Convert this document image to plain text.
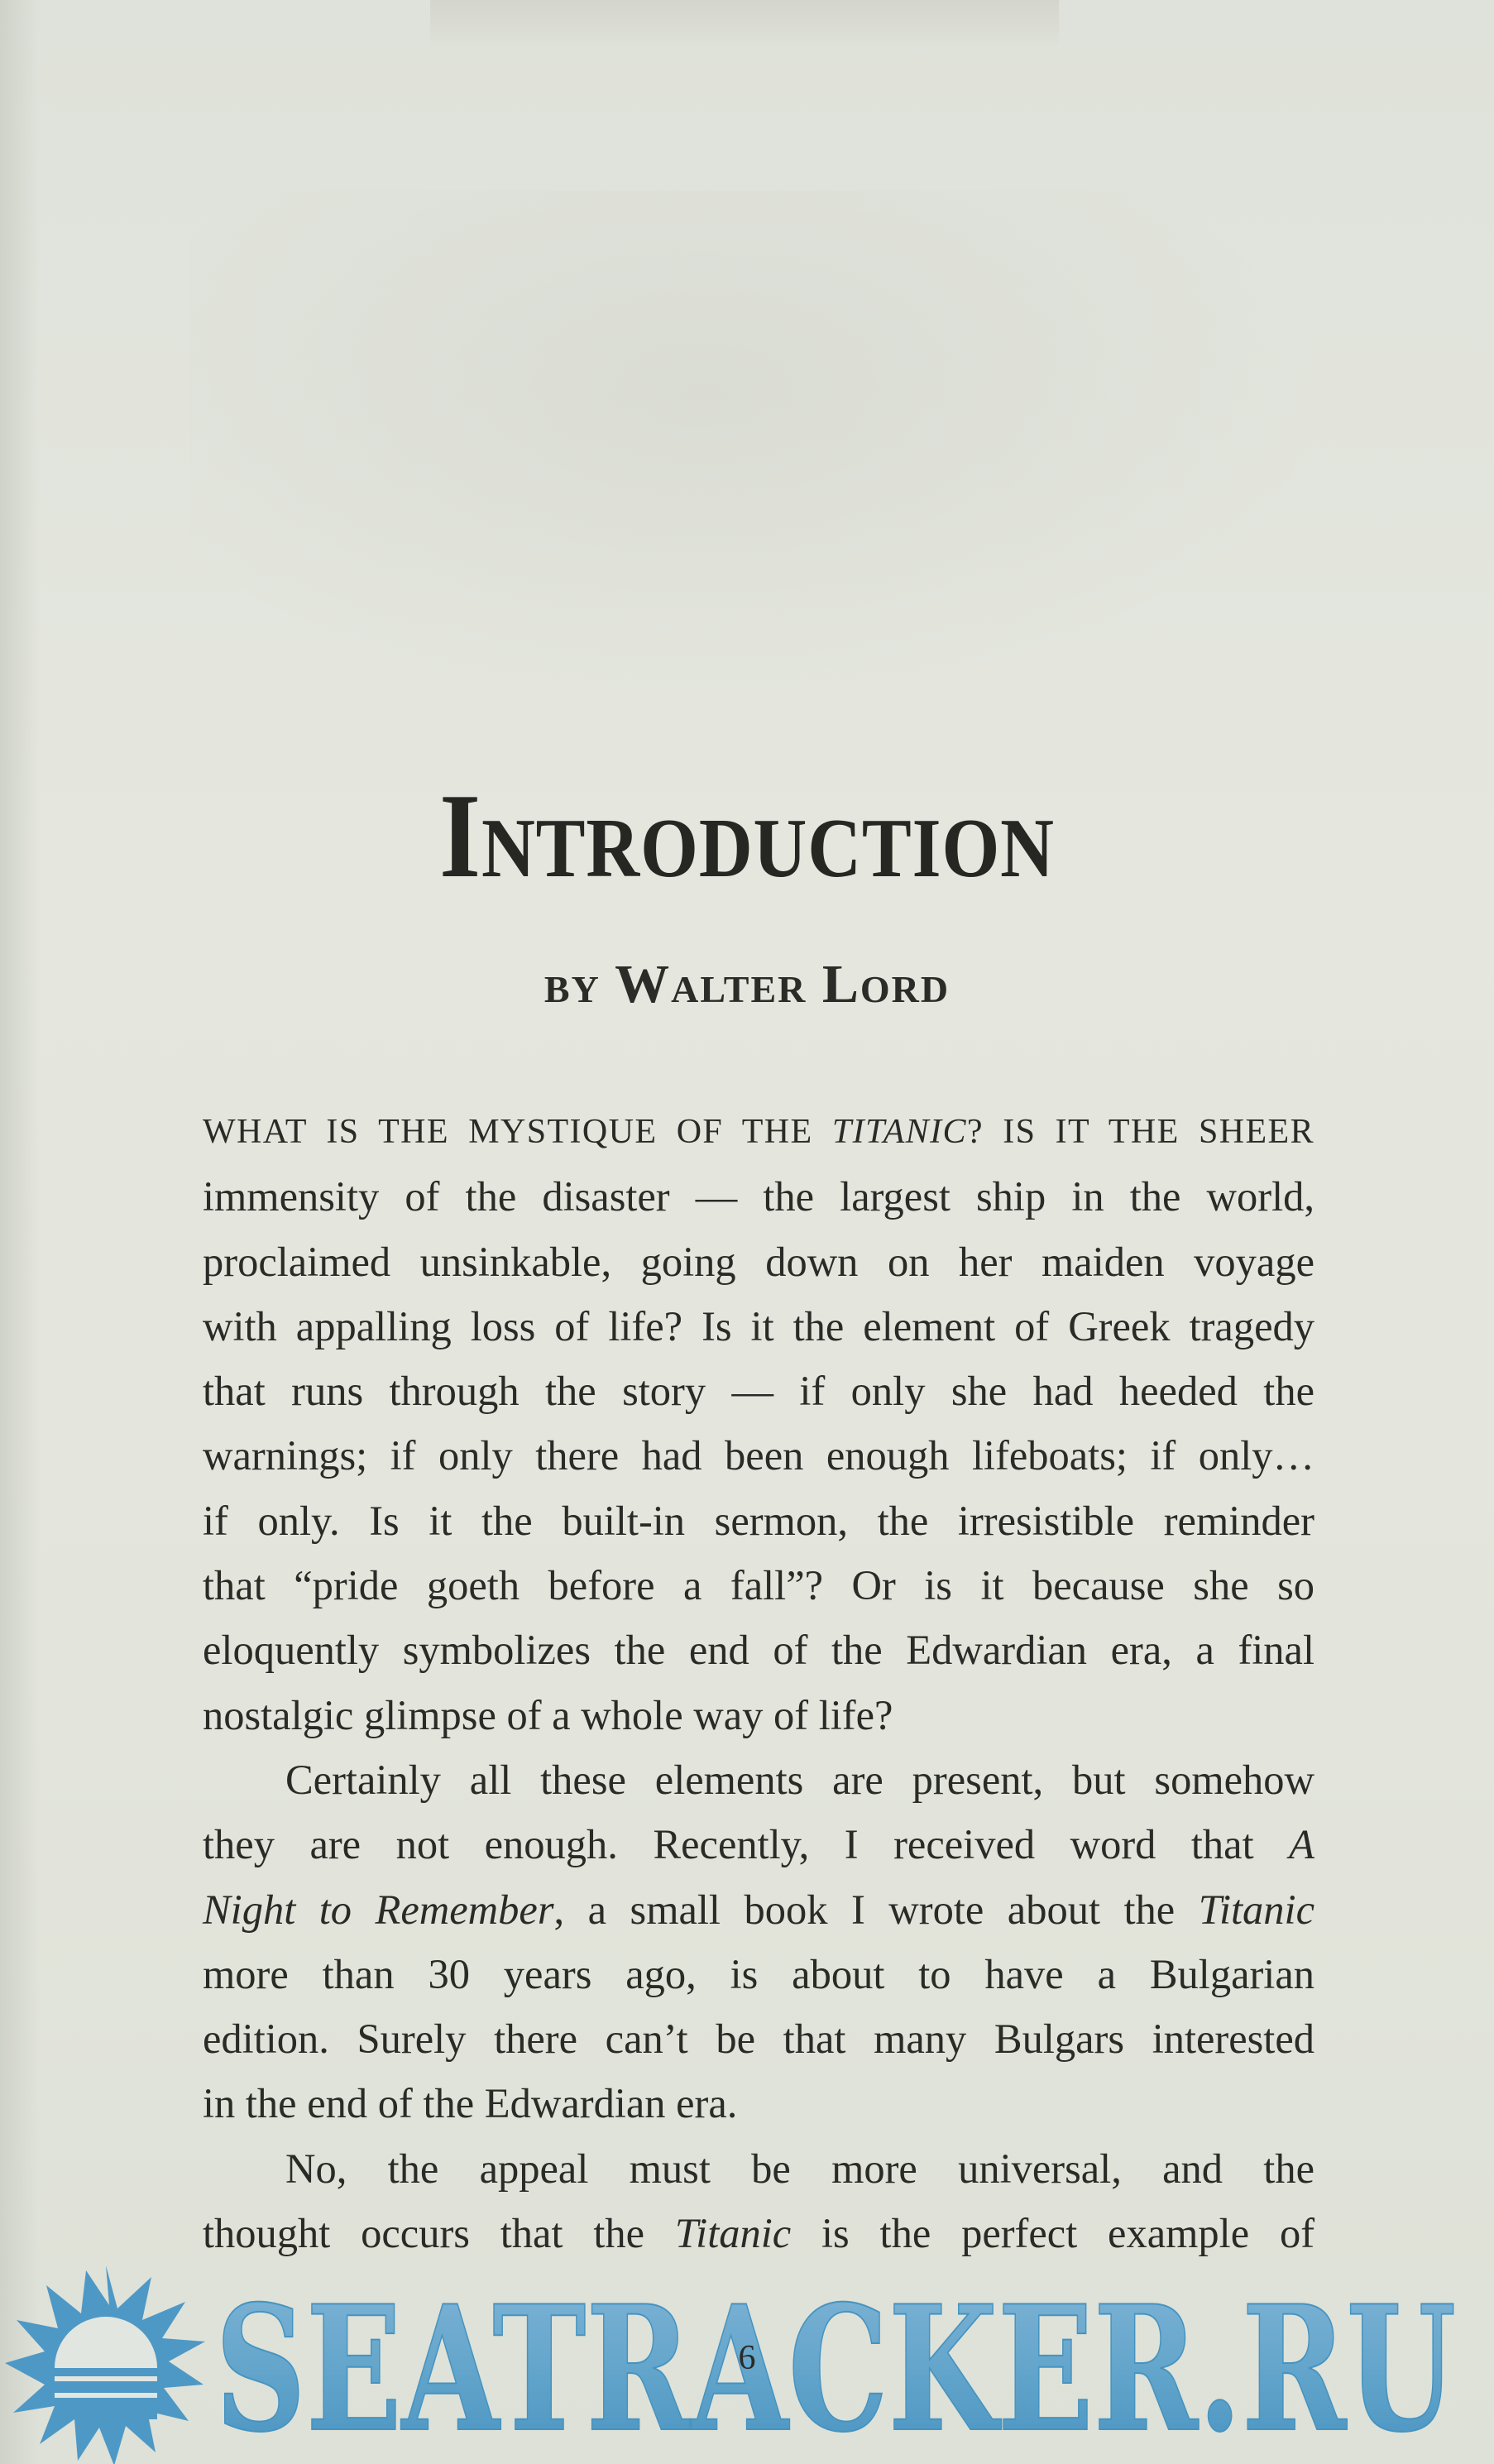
Introduction
by Walter Lord

WHAT IS THE MYSTIQUE OF THE TITANIC? IS IT THE SHEER
immensity of the disaster — the largest ship in the world,
proclaimed unsinkable, going down on her maiden voyage
with appalling loss of life? Is it the element of Greek tragedy
that runs through the story — if only she had heeded the
warnings; if only there had been enough lifeboats; if only…
if only. Is it the built-in sermon, the irresistible reminder
that “pride goeth before a fall”? Or is it because she so
eloquently symbolizes the end of the Edwardian era, a final
nostalgic glimpse of a whole way of life?

Certainly all these elements are present, but somehow
they are not enough. Recently, I received word that A
Night to Remember, a small book I wrote about the Titanic
more than 30 years ago, is about to have a Bulgarian
edition. Surely there can’t be that many Bulgars interested
in the end of the Edwardian era.

No, the appeal must be more universal, and the
thought occurs that the Titanic is the perfect example of

SEATRACKER.RU
6
